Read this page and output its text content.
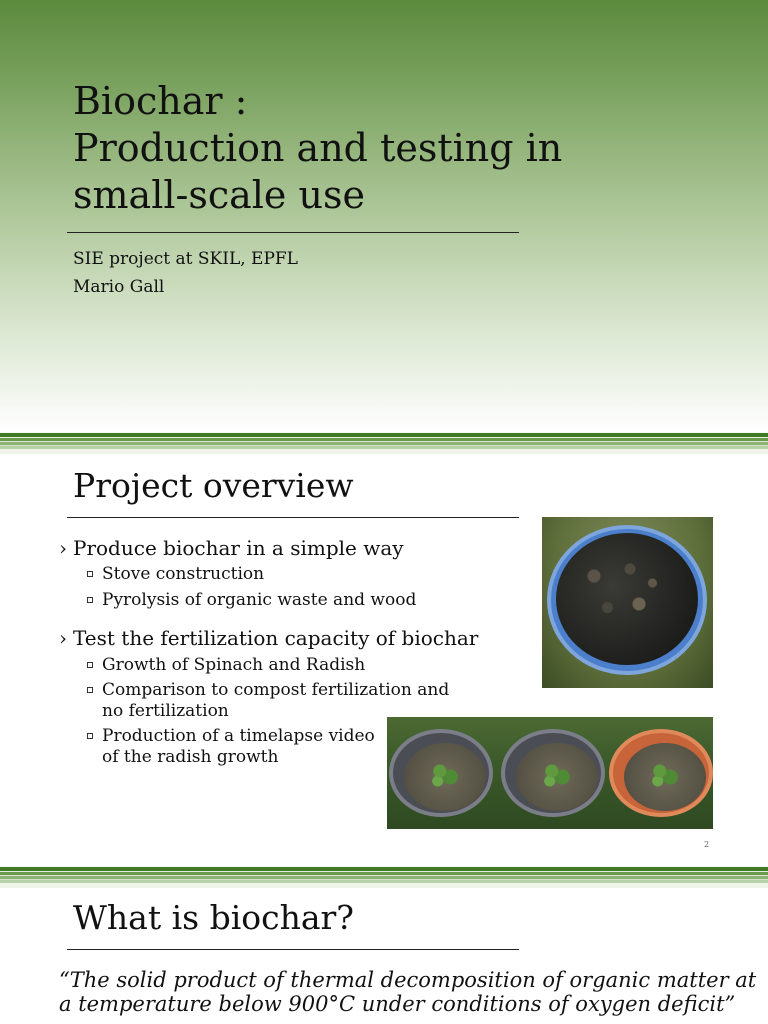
Biochar :
Production and testing in
small-scale use
SIE project at SKIL, EPFL
Mario Gall
Project overview
› Produce biochar in a simple way
Stove construction
Pyrolysis of organic waste and wood
› Test the fertilization capacity of biochar
Growth of Spinach and Radish
Comparison to compost fertilization and no fertilization
Production of a timelapse video of the radish growth
2
What is biochar?
“The solid product of thermal decomposition of organic matter at a temperature below 900°C under conditions of oxygen deficit”
